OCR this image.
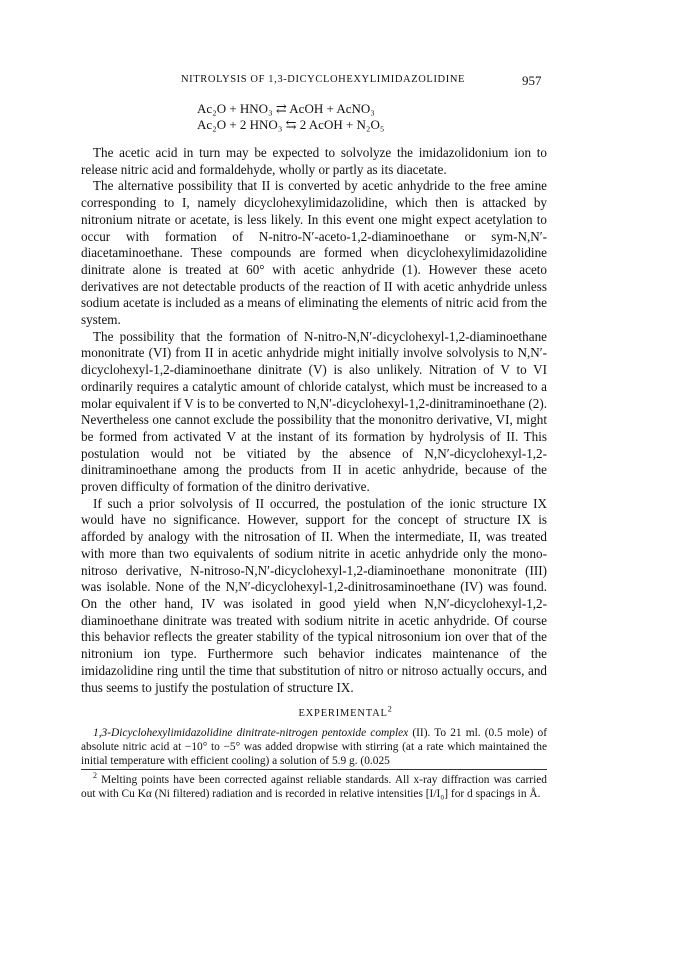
NITROLYSIS OF 1,3-DICYCLOHEXYLIMIDAZOLIDINE	957
Ac₂O + HNO₃ ⇄ AcOH + AcNO₃
Ac₂O + 2 HNO₃ ⇆ 2 AcOH + N₂O₅

The acetic acid in turn may be expected to solvolyze the imidazolidonium ion to release nitric acid and formaldehyde, wholly or partly as its diacetate.

The alternative possibility that II is converted by acetic anhydride to the free amine corresponding to I, namely dicyclohexylimidazolidine, which then is attacked by nitronium nitrate or acetate, is less likely. In this event one might expect acetylation to occur with formation of N-nitro-N′-aceto-1,2-diaminoethane or sym-N,N′-diacetaminoethane. These compounds are formed when dicyclohexylimidazolidine dinitrate alone is treated at 60° with acetic anhydride (1). However these aceto derivatives are not detectable products of the reaction of II with acetic anhydride unless sodium acetate is included as a means of eliminating the elements of nitric acid from the system.

The possibility that the formation of N-nitro-N,N′-dicyclohexyl-1,2-diaminoethane mononitrate (VI) from II in acetic anhydride might initially involve solvolysis to N,N′-dicyclohexyl-1,2-diaminoethane dinitrate (V) is also unlikely. Nitration of V to VI ordinarily requires a catalytic amount of chloride catalyst, which must be increased to a molar equivalent if V is to be converted to N,N′-dicyclohexyl-1,2-dinitraminoethane (2). Nevertheless one cannot exclude the possibility that the mononitro derivative, VI, might be formed from activated V at the instant of its formation by hydrolysis of II. This postulation would not be vitiated by the absence of N,N′-dicyclohexyl-1,2-dinitraminoethane among the products from II in acetic anhydride, because of the proven difficulty of formation of the dinitro derivative.

If such a prior solvolysis of II occurred, the postulation of the ionic structure IX would have no significance. However, support for the concept of structure IX is afforded by analogy with the nitrosation of II. When the intermediate, II, was treated with more than two equivalents of sodium nitrite in acetic anhydride only the mono-nitroso derivative, N-nitroso-N,N′-dicyclohexyl-1,2-diaminoethane mononitrate (III) was isolable. None of the N,N′-dicyclohexyl-1,2-dinitrosaminoethane (IV) was found. On the other hand, IV was isolated in good yield when N,N′-dicyclohexyl-1,2-diaminoethane dinitrate was treated with sodium nitrite in acetic anhydride. Of course this behavior reflects the greater stability of the typical nitrosonium ion over that of the nitronium ion type. Furthermore such behavior indicates maintenance of the imidazolidine ring until the time that substitution of nitro or nitroso actually occurs, and thus seems to justify the postulation of structure IX.

EXPERIMENTAL$^2$

1,3-Dicyclohexylimidazolidine dinitrate-nitrogen pentoxide complex (II). To 21 ml. (0.5 mole) of absolute nitric acid at −10° to −5° was added dropwise with stirring (at a rate which maintained the initial temperature with efficient cooling) a solution of 5.9 g. (0.025

$^2$ Melting points have been corrected against reliable standards. All x-ray diffraction was carried out with Cu Kα (Ni filtered) radiation and is recorded in relative intensities [I/I₀] for d spacings in Å.
